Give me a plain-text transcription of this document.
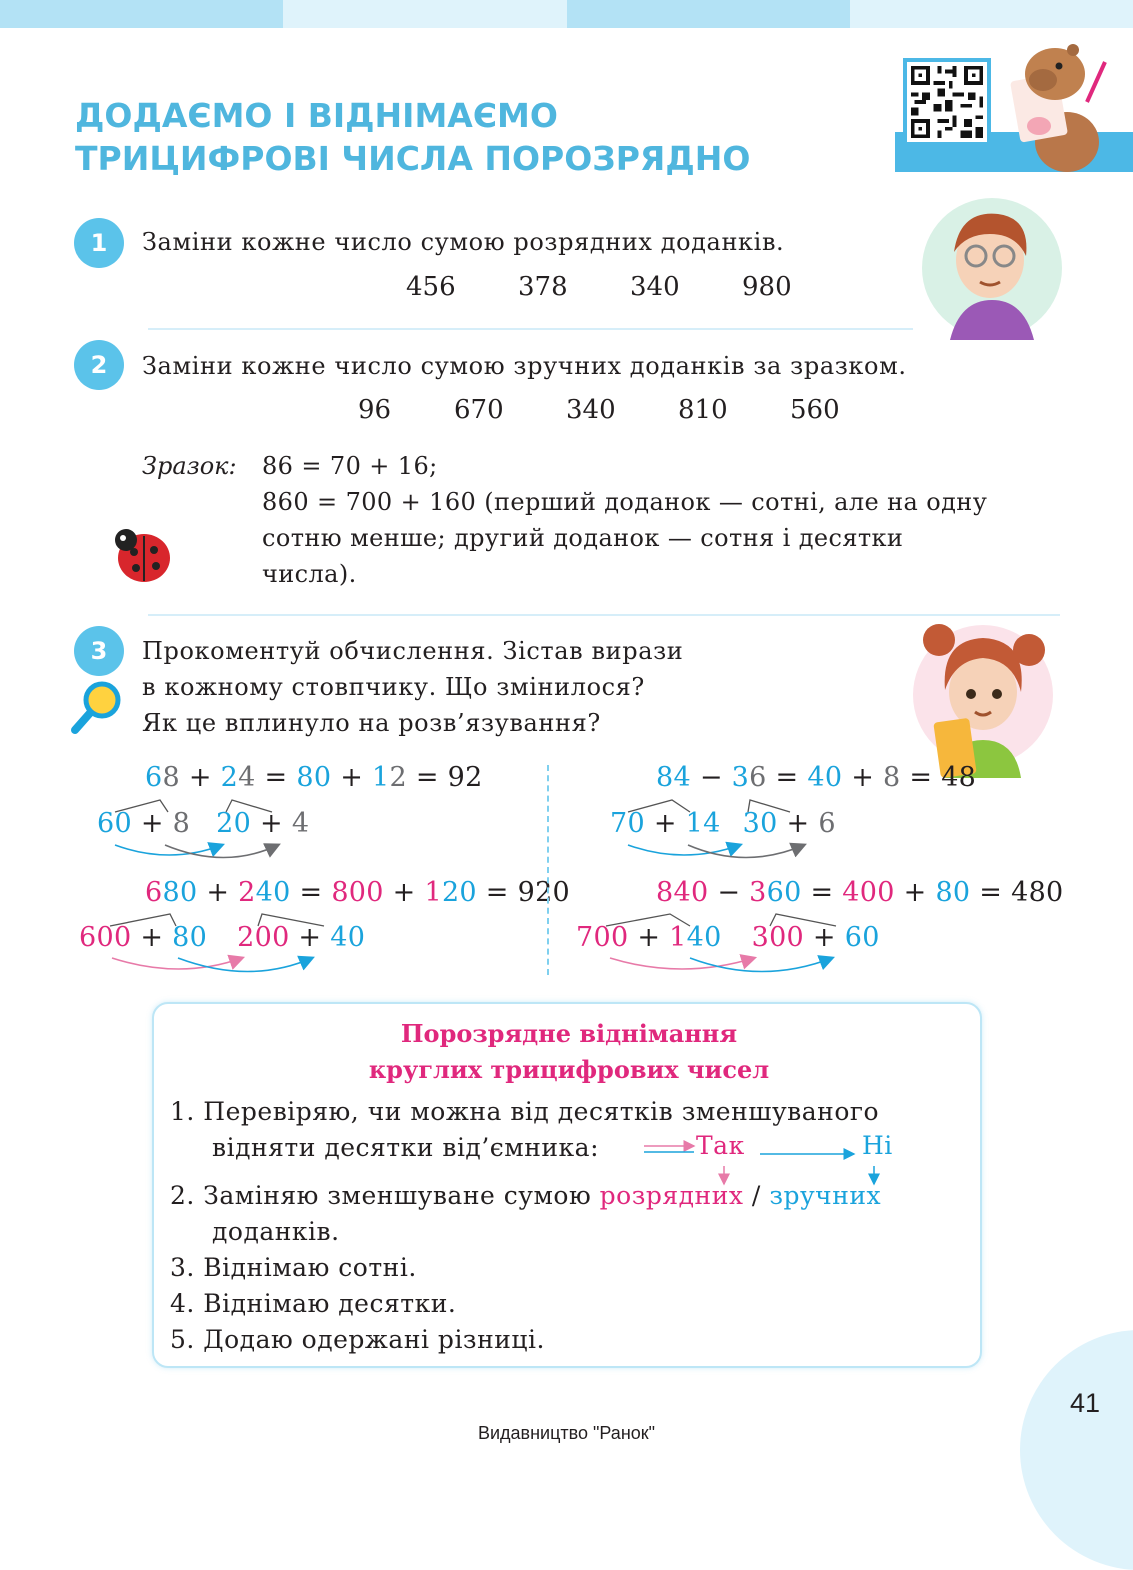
ДОДАЄМО І ВІДНІМАЄМО
ТРИЦИФРОВІ ЧИСЛА ПОРОЗРЯДНО
1	Заміни кожне число сумою розрядних доданків.

456	378	340	980
2	Заміни кожне число сумою зручних доданків за зразком.

96	670	340	810	560
Зразок: 86 = 70 + 16;
860 = 700 + 160 (перший доданок — сотні, але на одну
сотню менше; другий доданок — сотня і десятки
числа).
3	Прокоментуй обчислення. Зістав вирази
в кожному стовпчику. Що змінилося?
Як це вплинуло на розв’язування?
68 + 24 = 80 + 12 = 92
60 + 8 20 + 4
84 − 36 = 40 + 8 = 48
70 + 14 30 + 6
680 + 240 = 800 + 120 = 920
600 + 80 200 + 40
840 − 360 = 400 + 80 = 480
700 + 140 300 + 60
Порозрядне віднімання
круглих трицифрових чисел
1. Перевіряю, чи можна від десятків зменшуваного
відняти десятки від’ємника:	Так	Ні
2. Заміняю зменшуване сумою розрядних / зручних
доданків.
3. Віднімаю сотні.
4. Віднімаю десятки.
5. Додаю одержані різниці.
41
Видавництво "Ранок"
